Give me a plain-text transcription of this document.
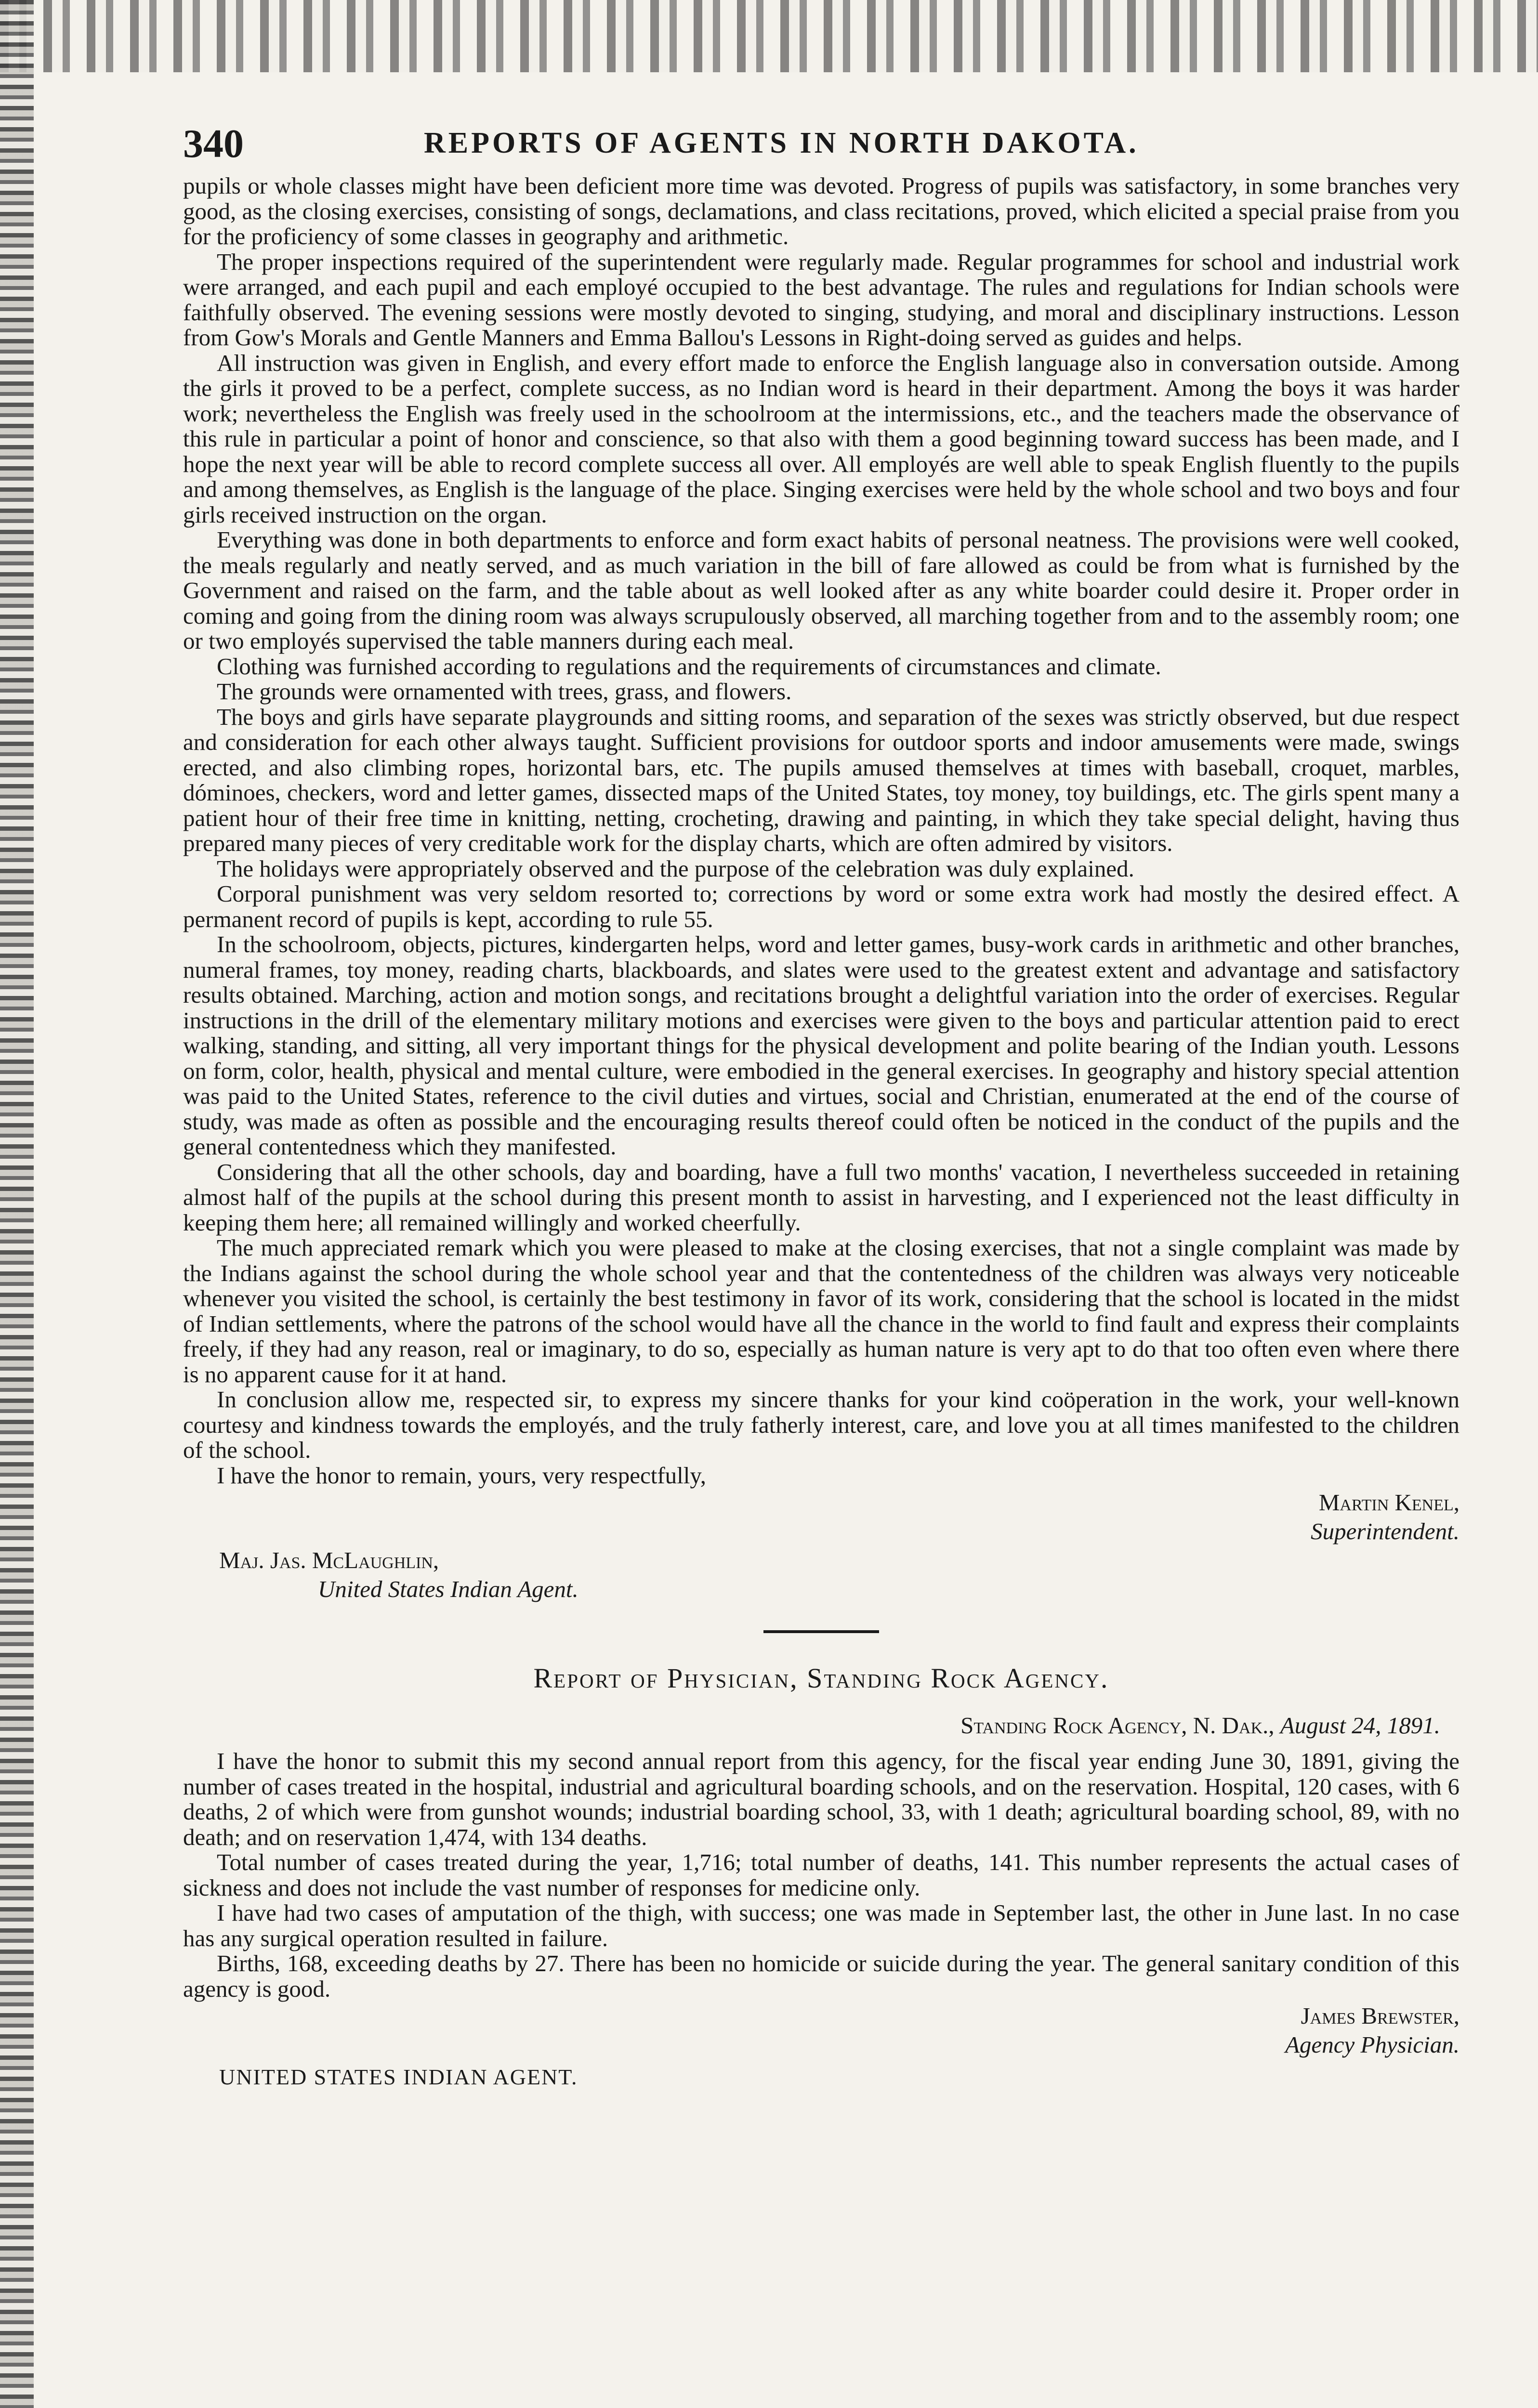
340	REPORTS OF AGENTS IN NORTH DAKOTA.

pupils or whole classes might have been deficient more time was devoted. Progress of pupils was satisfactory, in some branches very good, as the closing exercises, consisting of songs, declamations, and class recitations, proved, which elicited a special praise from you for the proficiency of some classes in geography and arithmetic.

The proper inspections required of the superintendent were regularly made. Regular programmes for school and industrial work were arranged, and each pupil and each employé occupied to the best advantage. The rules and regulations for Indian schools were faithfully observed. The evening sessions were mostly devoted to singing, studying, and moral and disciplinary instructions. Lesson from Gow's Morals and Gentle Manners and Emma Ballou's Lessons in Right-doing served as guides and helps.

All instruction was given in English, and every effort made to enforce the English language also in conversation outside. Among the girls it proved to be a perfect, complete success, as no Indian word is heard in their department. Among the boys it was harder work; nevertheless the English was freely used in the schoolroom at the intermissions, etc., and the teachers made the observance of this rule in particular a point of honor and conscience, so that also with them a good beginning toward success has been made, and I hope the next year will be able to record complete success all over. All employés are well able to speak English fluently to the pupils and among themselves, as English is the language of the place. Singing exercises were held by the whole school and two boys and four girls received instruction on the organ.

Everything was done in both departments to enforce and form exact habits of personal neatness. The provisions were well cooked, the meals regularly and neatly served, and as much variation in the bill of fare allowed as could be from what is furnished by the Government and raised on the farm, and the table about as well looked after as any white boarder could desire it. Proper order in coming and going from the dining room was always scrupulously observed, all marching together from and to the assembly room; one or two employés supervised the table manners during each meal.

Clothing was furnished according to regulations and the requirements of circumstances and climate.

The grounds were ornamented with trees, grass, and flowers.

The boys and girls have separate playgrounds and sitting rooms, and separation of the sexes was strictly observed, but due respect and consideration for each other always taught. Sufficient provisions for outdoor sports and indoor amusements were made, swings erected, and also climbing ropes, horizontal bars, etc. The pupils amused themselves at times with baseball, croquet, marbles, dóminoes, checkers, word and letter games, dissected maps of the United States, toy money, toy buildings, etc. The girls spent many a patient hour of their free time in knitting, netting, crocheting, drawing and painting, in which they take special delight, having thus prepared many pieces of very creditable work for the display charts, which are often admired by visitors.

The holidays were appropriately observed and the purpose of the celebration was duly explained.

Corporal punishment was very seldom resorted to; corrections by word or some extra work had mostly the desired effect. A permanent record of pupils is kept, according to rule 55.

In the schoolroom, objects, pictures, kindergarten helps, word and letter games, busy-work cards in arithmetic and other branches, numeral frames, toy money, reading charts, blackboards, and slates were used to the greatest extent and advantage and satisfactory results obtained. Marching, action and motion songs, and recitations brought a delightful variation into the order of exercises. Regular instructions in the drill of the elementary military motions and exercises were given to the boys and particular attention paid to erect walking, standing, and sitting, all very important things for the physical development and polite bearing of the Indian youth. Lessons on form, color, health, physical and mental culture, were embodied in the general exercises. In geography and history special attention was paid to the United States, reference to the civil duties and virtues, social and Christian, enumerated at the end of the course of study, was made as often as possible and the encouraging results thereof could often be noticed in the conduct of the pupils and the general contentedness which they manifested.

Considering that all the other schools, day and boarding, have a full two months' vacation, I nevertheless succeeded in retaining almost half of the pupils at the school during this present month to assist in harvesting, and I experienced not the least difficulty in keeping them here; all remained willingly and worked cheerfully.

The much appreciated remark which you were pleased to make at the closing exercises, that not a single complaint was made by the Indians against the school during the whole school year and that the contentedness of the children was always very noticeable whenever you visited the school, is certainly the best testimony in favor of its work, considering that the school is located in the midst of Indian settlements, where the patrons of the school would have all the chance in the world to find fault and express their complaints freely, if they had any reason, real or imaginary, to do so, especially as human nature is very apt to do that too often even where there is no apparent cause for it at hand.

In conclusion allow me, respected sir, to express my sincere thanks for your kind coöperation in the work, your well-known courtesy and kindness towards the employés, and the truly fatherly interest, care, and love you at all times manifested to the children of the school.

I have the honor to remain, yours, very respectfully,

Martin Kenel,
Superintendent.
Maj. Jas. McLaughlin,
United States Indian Agent.
Report of Physician, Standing Rock Agency.
Standing Rock Agency, N. Dak., August 24, 1891.

I have the honor to submit this my second annual report from this agency, for the fiscal year ending June 30, 1891, giving the number of cases treated in the hospital, industrial and agricultural boarding schools, and on the reservation. Hospital, 120 cases, with 6 deaths, 2 of which were from gunshot wounds; industrial boarding school, 33, with 1 death; agricultural boarding school, 89, with no death; and on reservation 1,474, with 134 deaths.

Total number of cases treated during the year, 1,716; total number of deaths, 141. This number represents the actual cases of sickness and does not include the vast number of responses for medicine only.

I have had two cases of amputation of the thigh, with success; one was made in September last, the other in June last. In no case has any surgical operation resulted in failure.

Births, 168, exceeding deaths by 27. There has been no homicide or suicide during the year. The general sanitary condition of this agency is good.

James Brewster,
Agency Physician.
UNITED STATES INDIAN AGENT.
